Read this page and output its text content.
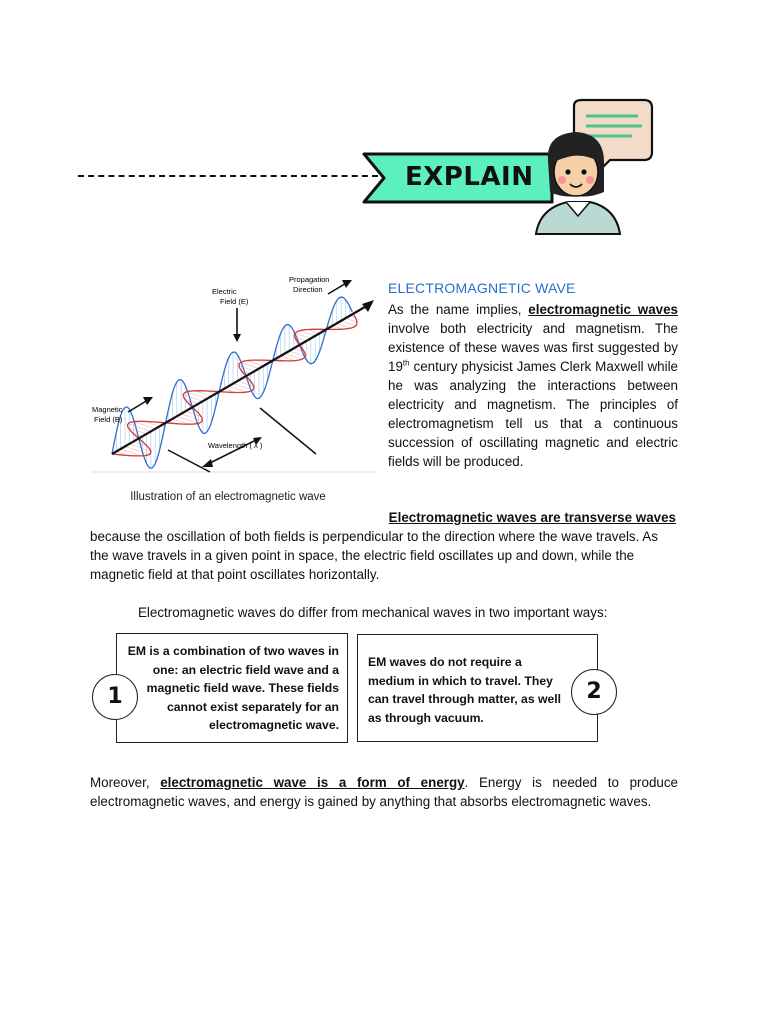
EXPLAIN
Electric
Field (E)
Propagation
Direction
Magnetic
Field (B)
Wavelength ( λ )
Illustration of an electromagnetic wave
ELECTROMAGNETIC WAVE
As the name implies, electromagnetic waves involve both electricity and magnetism. The existence of these waves was first suggested by 19th century physicist James Clerk Maxwell while he was analyzing the interactions between electricity and magnetism. The principles of electromagnetism tell us that a continuous succession of oscillating magnetic and electric fields will be produced.
Electromagnetic waves are transverse waves
because the oscillation of both fields is perpendicular to the direction where the wave travels. As the wave travels in a given point in space, the electric field oscillates up and down, while the magnetic field at that point oscillates horizontally.
Electromagnetic waves do differ from mechanical waves in two important ways:
EM is a combination of two waves in one: an electric field wave and a magnetic field wave. These fields cannot exist separately for an electromagnetic wave.
1
EM waves do not require a medium in which to travel. They can travel through matter, as well as through vacuum.
2
Moreover, electromagnetic wave is a form of energy. Energy is needed to produce electromagnetic waves, and energy is gained by anything that absorbs electromagnetic waves.
